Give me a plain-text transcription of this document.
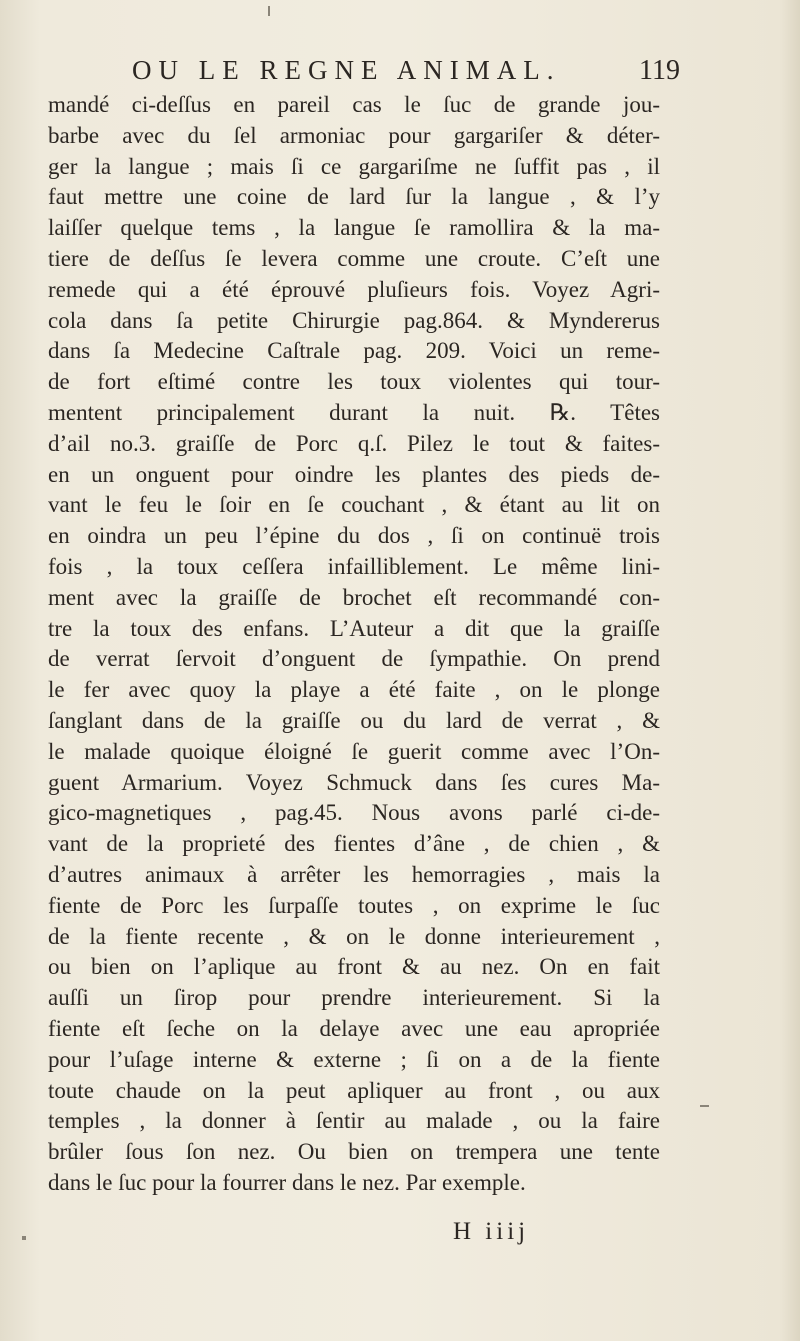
OU LE REGNE ANIMAL.	119
mandé ci-deſſus en pareil cas le ſuc de grande jou-
barbe avec du ſel armoniac pour gargariſer & déter-
ger la langue ; mais ſi ce gargariſme ne ſuffit pas , il
faut mettre une coine de lard ſur la langue , & l’y
laiſſer quelque tems , la langue ſe ramollira & la ma-
tiere de deſſus ſe levera comme une croute. C’eſt une
remede qui a été éprouvé pluſieurs fois. Voyez Agri-
cola dans ſa petite Chirurgie pag.864. & Myndererus
dans ſa Medecine Caſtrale pag. 209. Voici un reme-
de fort eſtimé contre les toux violentes qui tour-
mentent principalement durant la nuit. ℞. Têtes
d’ail no.3. graiſſe de Porc q.ſ. Pilez le tout & faites-
en un onguent pour oindre les plantes des pieds de-
vant le feu le ſoir en ſe couchant , & étant au lit on
en oindra un peu l’épine du dos , ſi on continuë trois
fois , la toux ceſſera infailliblement. Le même lini-
ment avec la graiſſe de brochet eſt recommandé con-
tre la toux des enfans. L’Auteur a dit que la graiſſe
de verrat ſervoit d’onguent de ſympathie. On prend
le fer avec quoy la playe a été faite , on le plonge
ſanglant dans de la graiſſe ou du lard de verrat , &
le malade quoique éloigné ſe guerit comme avec l’On-
guent Armarium. Voyez Schmuck dans ſes cures Ma-
gico-magnetiques , pag.45. Nous avons parlé ci-de-
vant de la proprieté des fientes d’âne , de chien , &
d’autres animaux à arrêter les hemorragies , mais la
fiente de Porc les ſurpaſſe toutes , on exprime le ſuc
de la fiente recente , & on le donne interieurement ,
ou bien on l’aplique au front & au nez. On en fait
auſſi un ſirop pour prendre interieurement. Si la
fiente eſt ſeche on la delaye avec une eau apropriée
pour l’uſage interne & externe ; ſi on a de la fiente
toute chaude on la peut apliquer au front , ou aux
temples , la donner à ſentir au malade , ou la faire
brûler ſous ſon nez. Ou bien on trempera une tente
dans le ſuc pour la fourrer dans le nez. Par exemple.
H iiij
